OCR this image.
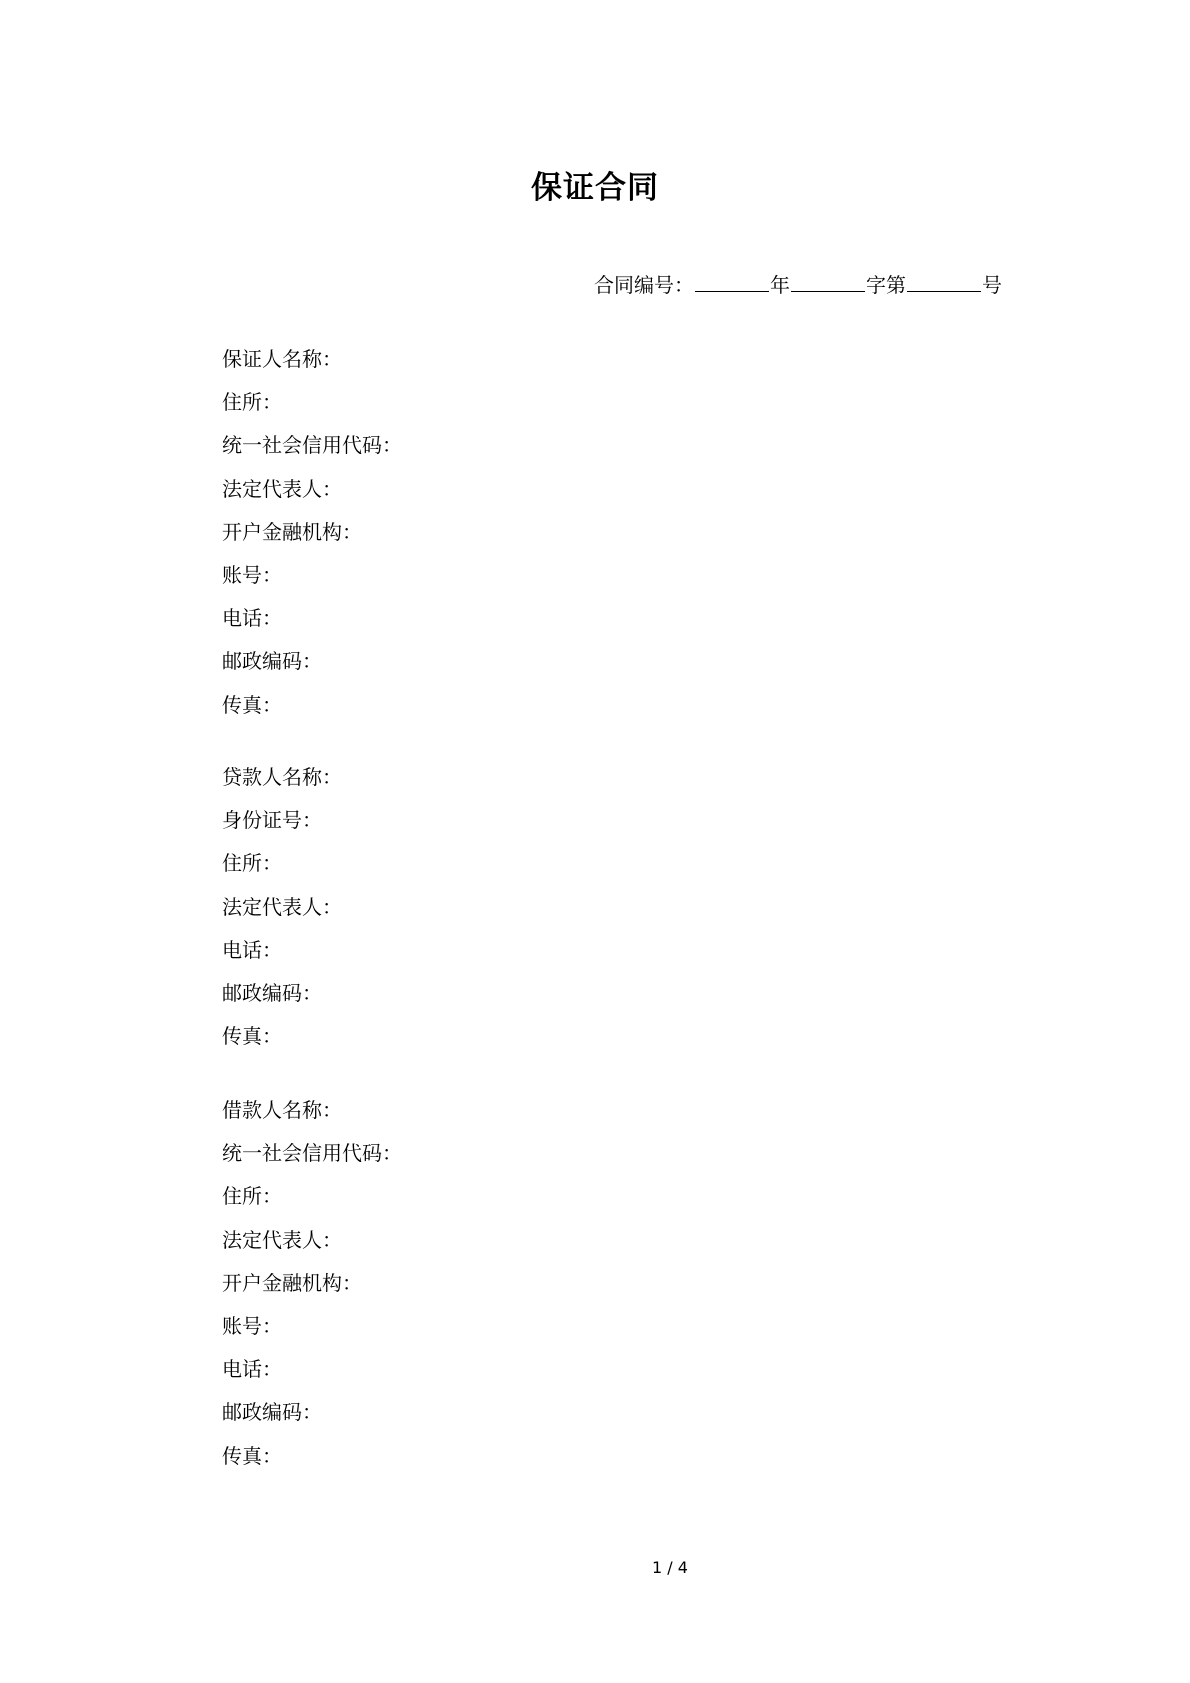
保证合同
合同编号：	年	字第	号
保证人名称：
住所：
统一社会信用代码：
法定代表人：
开户金融机构：
账号：
电话：
邮政编码：
传真：
贷款人名称：
身份证号：
住所：
法定代表人：
电话：
邮政编码：
传真：
借款人名称：
统一社会信用代码：
住所：
法定代表人：
开户金融机构：
账号：
电话：
邮政编码：
传真：
1 / 4
